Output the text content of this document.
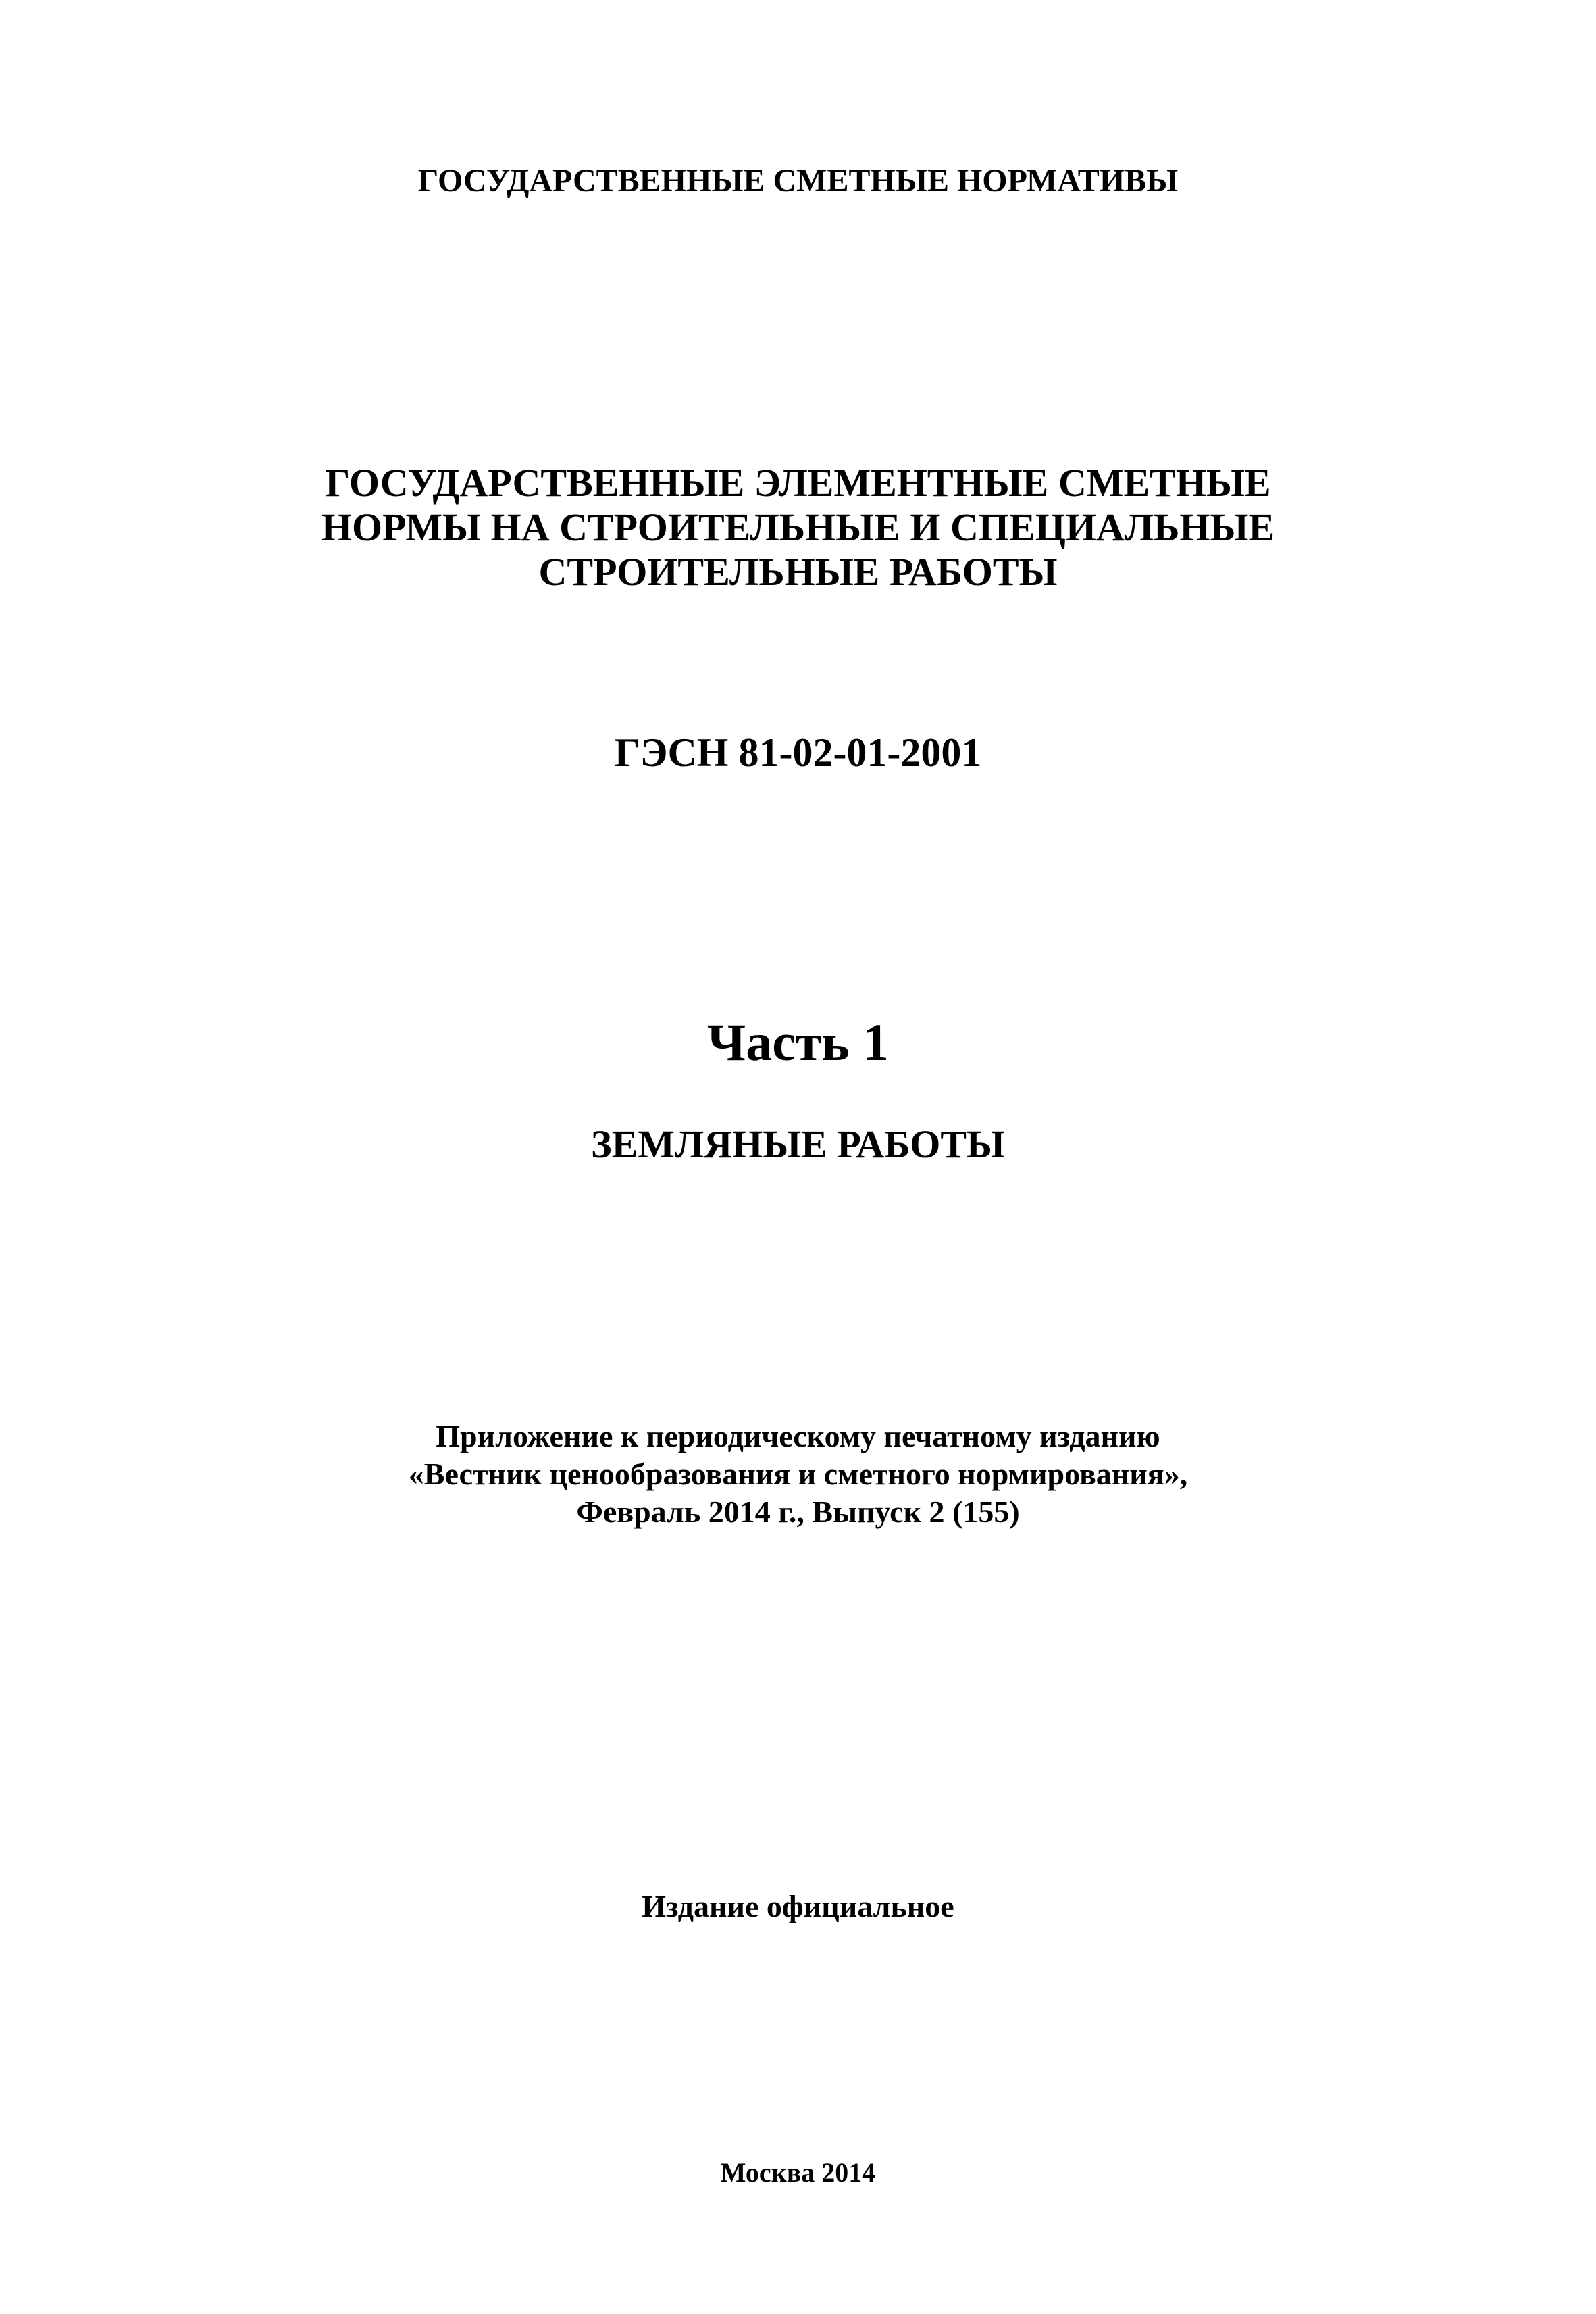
ГОСУДАРСТВЕННЫЕ СМЕТНЫЕ НОРМАТИВЫ
ГОСУДАРСТВЕННЫЕ ЭЛЕМЕНТНЫЕ СМЕТНЫЕ
НОРМЫ НА СТРОИТЕЛЬНЫЕ И СПЕЦИАЛЬНЫЕ
СТРОИТЕЛЬНЫЕ РАБОТЫ
ГЭСН 81-02-01-2001
Часть 1
ЗЕМЛЯНЫЕ РАБОТЫ
Приложение к периодическому печатному изданию
«Вестник ценообразования и сметного нормирования»,
Февраль 2014 г., Выпуск 2 (155)
Издание официальное
Москва 2014
